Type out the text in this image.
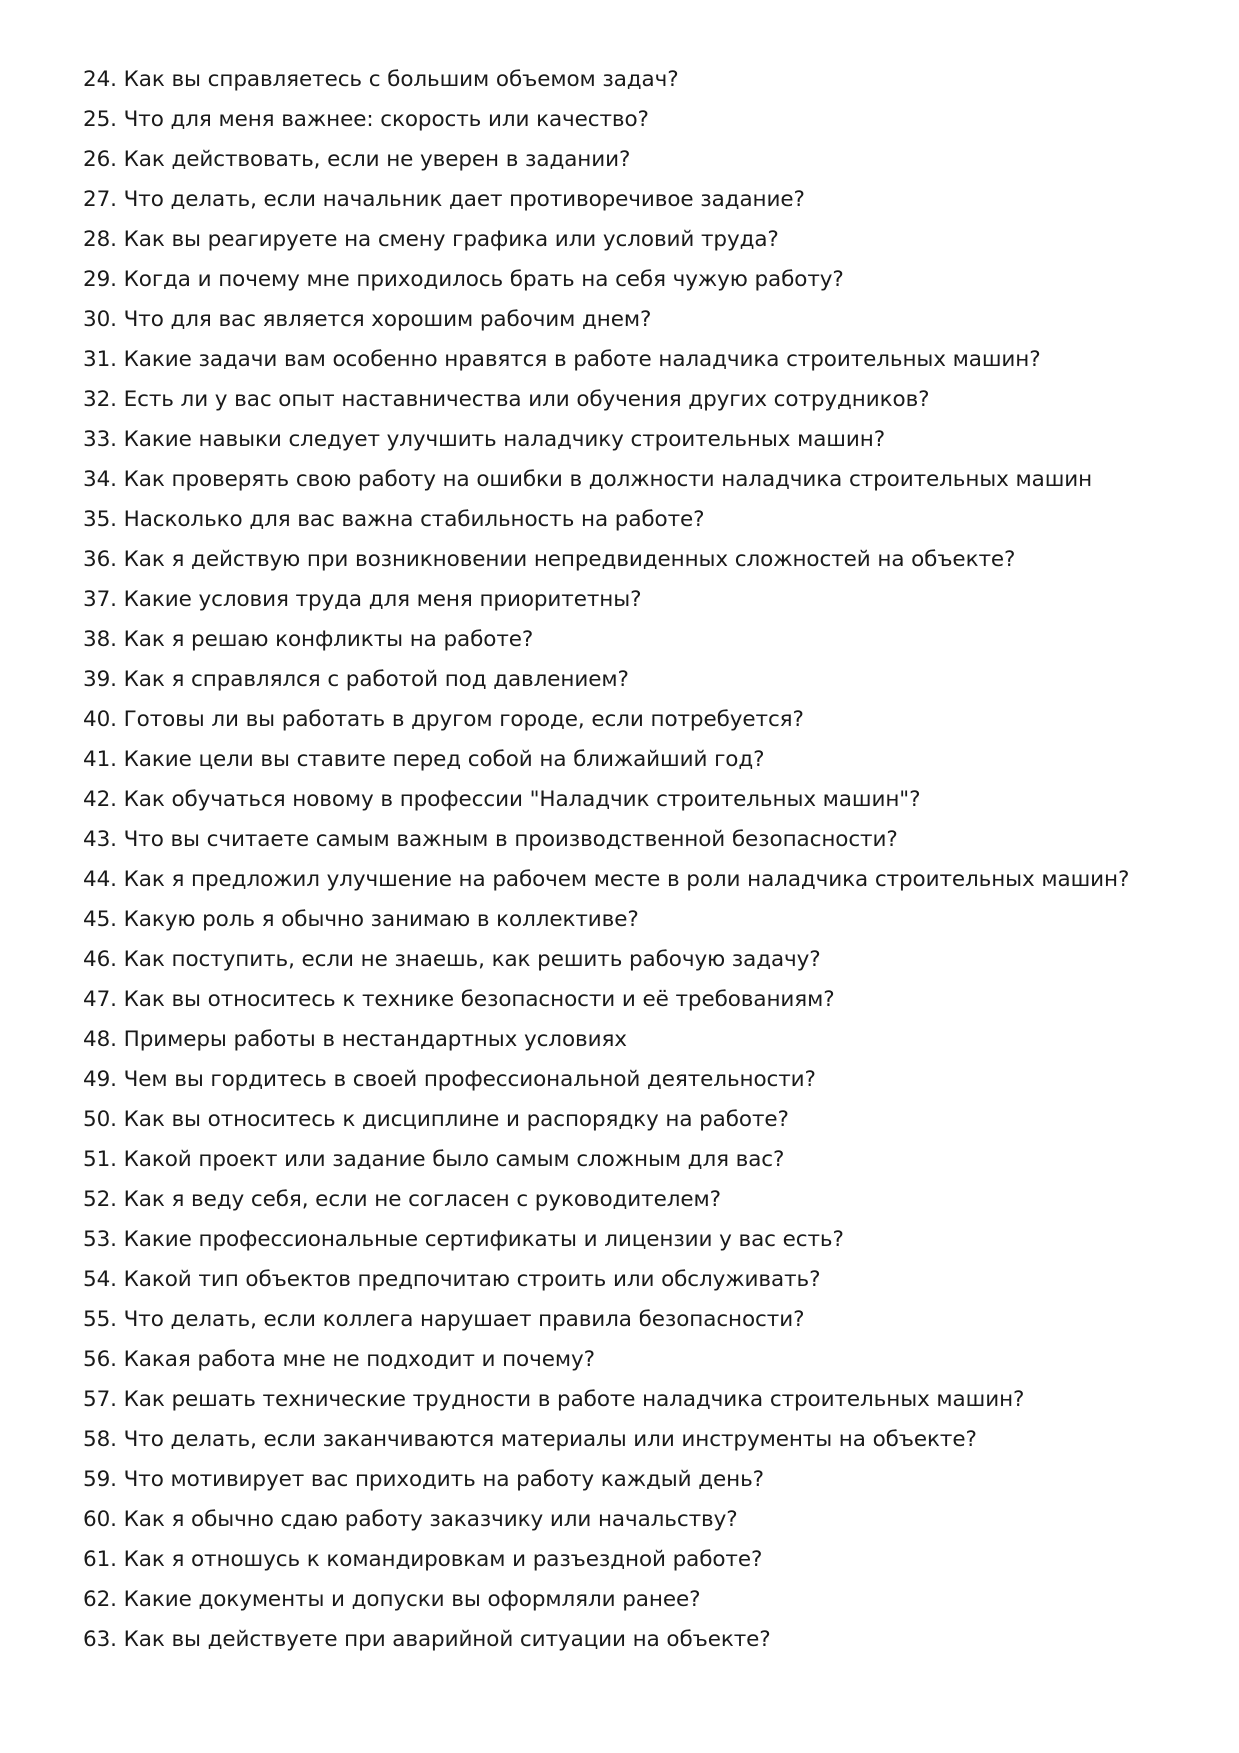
24. Как вы справляетесь с большим объемом задач?
25. Что для меня важнее: скорость или качество?
26. Как действовать, если не уверен в задании?
27. Что делать, если начальник дает противоречивое задание?
28. Как вы реагируете на смену графика или условий труда?
29. Когда и почему мне приходилось брать на себя чужую работу?
30. Что для вас является хорошим рабочим днем?
31. Какие задачи вам особенно нравятся в работе наладчика строительных машин?
32. Есть ли у вас опыт наставничества или обучения других сотрудников?
33. Какие навыки следует улучшить наладчику строительных машин?
34. Как проверять свою работу на ошибки в должности наладчика строительных машин
35. Насколько для вас важна стабильность на работе?
36. Как я действую при возникновении непредвиденных сложностей на объекте?
37. Какие условия труда для меня приоритетны?
38. Как я решаю конфликты на работе?
39. Как я справлялся с работой под давлением?
40. Готовы ли вы работать в другом городе, если потребуется?
41. Какие цели вы ставите перед собой на ближайший год?
42. Как обучаться новому в профессии "Наладчик строительных машин"?
43. Что вы считаете самым важным в производственной безопасности?
44. Как я предложил улучшение на рабочем месте в роли наладчика строительных машин?
45. Какую роль я обычно занимаю в коллективе?
46. Как поступить, если не знаешь, как решить рабочую задачу?
47. Как вы относитесь к технике безопасности и её требованиям?
48. Примеры работы в нестандартных условиях
49. Чем вы гордитесь в своей профессиональной деятельности?
50. Как вы относитесь к дисциплине и распорядку на работе?
51. Какой проект или задание было самым сложным для вас?
52. Как я веду себя, если не согласен с руководителем?
53. Какие профессиональные сертификаты и лицензии у вас есть?
54. Какой тип объектов предпочитаю строить или обслуживать?
55. Что делать, если коллега нарушает правила безопасности?
56. Какая работа мне не подходит и почему?
57. Как решать технические трудности в работе наладчика строительных машин?
58. Что делать, если заканчиваются материалы или инструменты на объекте?
59. Что мотивирует вас приходить на работу каждый день?
60. Как я обычно сдаю работу заказчику или начальству?
61. Как я отношусь к командировкам и разъездной работе?
62. Какие документы и допуски вы оформляли ранее?
63. Как вы действуете при аварийной ситуации на объекте?
